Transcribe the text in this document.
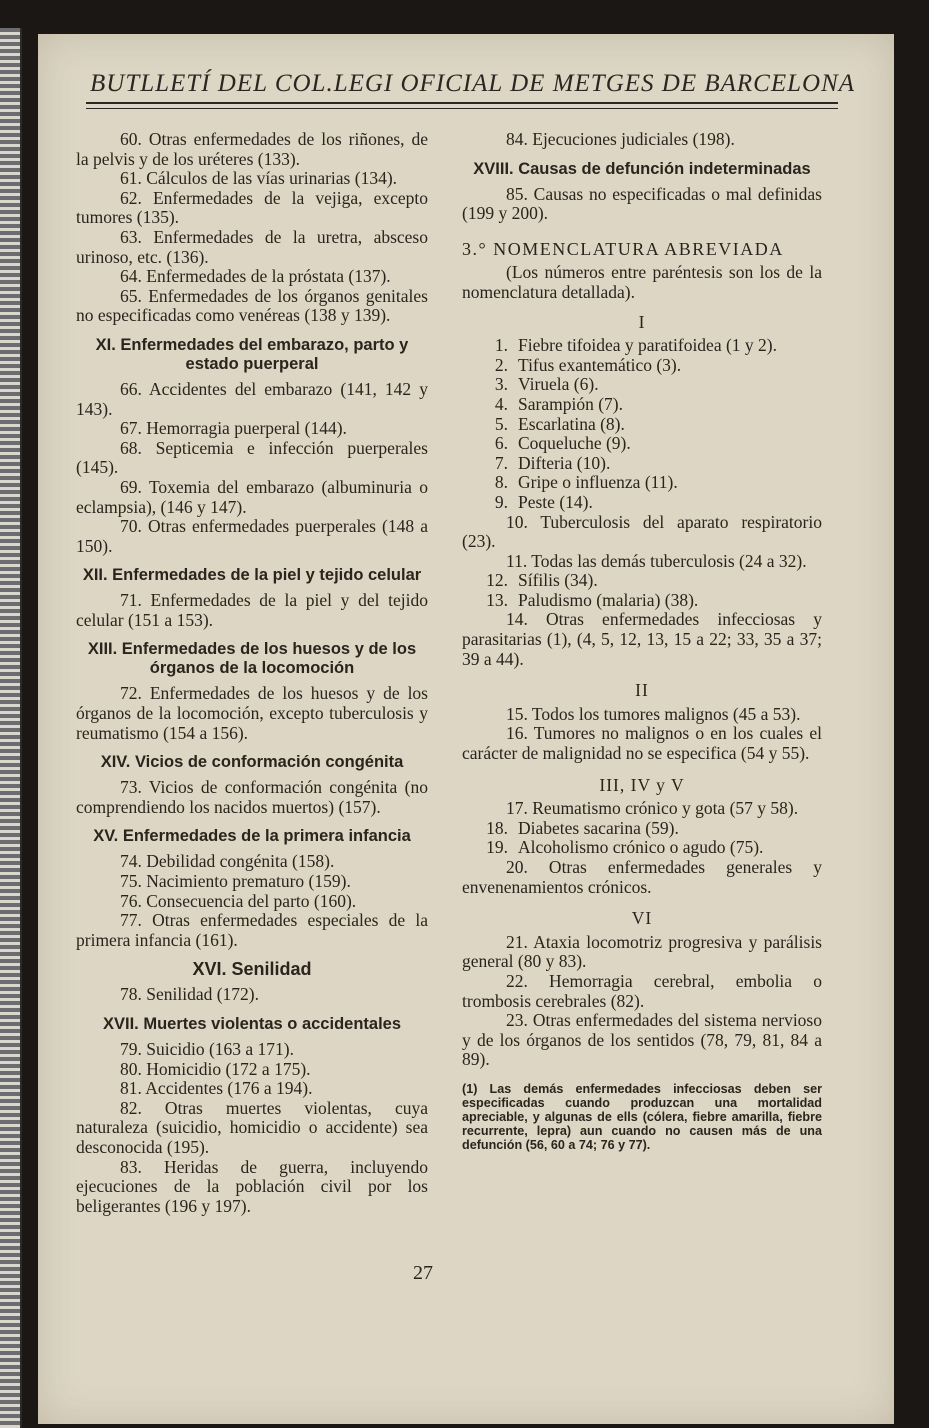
BUTLLETÍ DEL COL.LEGI OFICIAL DE METGES DE BARCELONA

60. Otras enfermedades de los riñones, de la pelvis y de los uréteres (133).

61. Cálculos de las vías urinarias (134).

62. Enfermedades de la vejiga, excepto tumores (135).

63. Enfermedades de la uretra, absceso urinoso, etc. (136).

64. Enfermedades de la próstata (137).

65. Enfermedades de los órganos genitales no especificadas como venéreas (138 y 139).

XI. Enfermedades del embarazo, parto y estado puerperal

66. Accidentes del embarazo (141, 142 y 143).

67. Hemorragia puerperal (144).

68. Septicemia e infección puerperales (145).

69. Toxemia del embarazo (albuminuria o eclampsia), (146 y 147).

70. Otras enfermedades puerperales (148 a 150).

XII. Enfermedades de la piel y tejido celular

71. Enfermedades de la piel y del tejido celular (151 a 153).

XIII. Enfermedades de los huesos y de los órganos de la locomoción

72. Enfermedades de los huesos y de los órganos de la locomoción, excepto tuberculosis y reumatismo (154 a 156).

XIV. Vicios de conformación congénita

73. Vicios de conformación congénita (no comprendiendo los nacidos muertos) (157).

XV. Enfermedades de la primera infancia

74. Debilidad congénita (158).

75. Nacimiento prematuro (159).

76. Consecuencia del parto (160).

77. Otras enfermedades especiales de la primera infancia (161).

XVI. Senilidad

78. Senilidad (172).

XVII. Muertes violentas o accidentales

79. Suicidio (163 a 171).

80. Homicidio (172 a 175).

81. Accidentes (176 a 194).

82. Otras muertes violentas, cuya naturaleza (suicidio, homicidio o accidente) sea desconocida (195).

83. Heridas de guerra, incluyendo ejecuciones de la población civil por los beligerantes (196 y 197).

84. Ejecuciones judiciales (198).

XVIII. Causas de defunción indeterminadas

85. Causas no especificadas o mal definidas (199 y 200).

3.° NOMENCLATURA ABREVIADA

(Los números entre paréntesis son los de la nomenclatura detallada).

I
1. Fiebre tifoidea y paratifoidea (1 y 2).
2. Tifus exantemático (3).
3. Viruela (6).
4. Sarampión (7).
5. Escarlatina (8).
6. Coqueluche (9).
7. Difteria (10).
8. Gripe o influenza (11).
9. Peste (14).

10. Tuberculosis del aparato respiratorio (23).

11. Todas las demás tuberculosis (24 a 32).

12. Sífilis (34).
13. Paludismo (malaria) (38).

14. Otras enfermedades infecciosas y parasitarias (1), (4, 5, 12, 13, 15 a 22; 33, 35 a 37; 39 a 44).

II

15. Todos los tumores malignos (45 a 53).

16. Tumores no malignos o en los cuales el carácter de malignidad no se especifica (54 y 55).

III, IV y V

17. Reumatismo crónico y gota (57 y 58).

18. Diabetes sacarina (59).
19. Alcoholismo crónico o agudo (75).

20. Otras enfermedades generales y envenenamientos crónicos.

VI

21. Ataxia locomotriz progresiva y parálisis general (80 y 83).

22. Hemorragia cerebral, embolia o trombosis cerebrales (82).

23. Otras enfermedades del sistema nervioso y de los órganos de los sentidos (78, 79, 81, 84 a 89).

(1) Las demás enfermedades infecciosas deben ser especificadas cuando produzcan una mortalidad apreciable, y algunas de ells (cólera, fiebre amarilla, fiebre recurrente, lepra) aun cuando no causen más de una defunción (56, 60 a 74; 76 y 77).
27
